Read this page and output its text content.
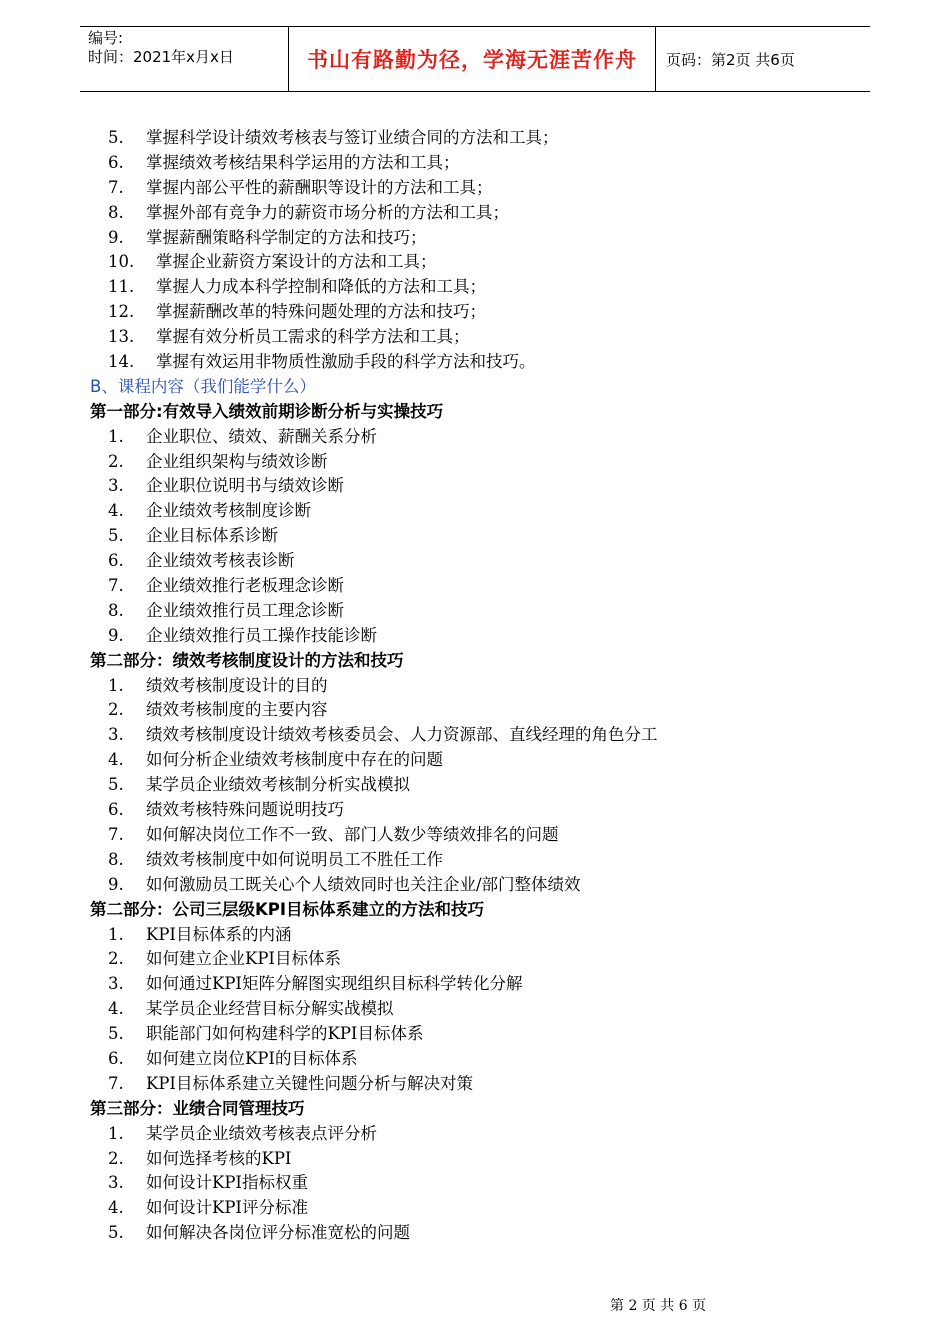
编号:
时间：2021年x月x日	书山有路勤为径，学海无涯苦作舟	页码：第2页 共6页
5.	掌握科学设计绩效考核表与签订业绩合同的方法和工具；
6.	掌握绩效考核结果科学运用的方法和工具；
7.	掌握内部公平性的薪酬职等设计的方法和工具；
8.	掌握外部有竞争力的薪资市场分析的方法和工具；
9.	掌握薪酬策略科学制定的方法和技巧；
10.	掌握企业薪资方案设计的方法和工具；
11.	掌握人力成本科学控制和降低的方法和工具；
12.	掌握薪酬改革的特殊问题处理的方法和技巧；
13.	掌握有效分析员工需求的科学方法和工具；
14.	掌握有效运用非物质性激励手段的科学方法和技巧。
B、课程内容（我们能学什么）
第一部分:有效导入绩效前期诊断分析与实操技巧
1.	企业职位、绩效、薪酬关系分析
2.	企业组织架构与绩效诊断
3.	企业职位说明书与绩效诊断
4.	企业绩效考核制度诊断
5.	企业目标体系诊断
6.	企业绩效考核表诊断
7.	企业绩效推行老板理念诊断
8.	企业绩效推行员工理念诊断
9.	企业绩效推行员工操作技能诊断
第二部分：绩效考核制度设计的方法和技巧
1.	绩效考核制度设计的目的
2.	绩效考核制度的主要内容
3.	绩效考核制度设计绩效考核委员会、人力资源部、直线经理的角色分工
4.	如何分析企业绩效考核制度中存在的问题
5.	某学员企业绩效考核制分析实战模拟
6.	绩效考核特殊问题说明技巧
7.	如何解决岗位工作不一致、部门人数少等绩效排名的问题
8.	绩效考核制度中如何说明员工不胜任工作
9.	如何激励员工既关心个人绩效同时也关注企业/部门整体绩效
第二部分：公司三层级KPI目标体系建立的方法和技巧
1.	KPI目标体系的内涵
2.	如何建立企业KPI目标体系
3.	如何通过KPI矩阵分解图实现组织目标科学转化分解
4.	某学员企业经营目标分解实战模拟
5.	职能部门如何构建科学的KPI目标体系
6.	如何建立岗位KPI的目标体系
7.	KPI目标体系建立关键性问题分析与解决对策
第三部分：业绩合同管理技巧
1.	某学员企业绩效考核表点评分析
2.	如何选择考核的KPI
3.	如何设计KPI指标权重
4.	如何设计KPI评分标准
5.	如何解决各岗位评分标准宽松的问题
第 2 页 共 6 页
